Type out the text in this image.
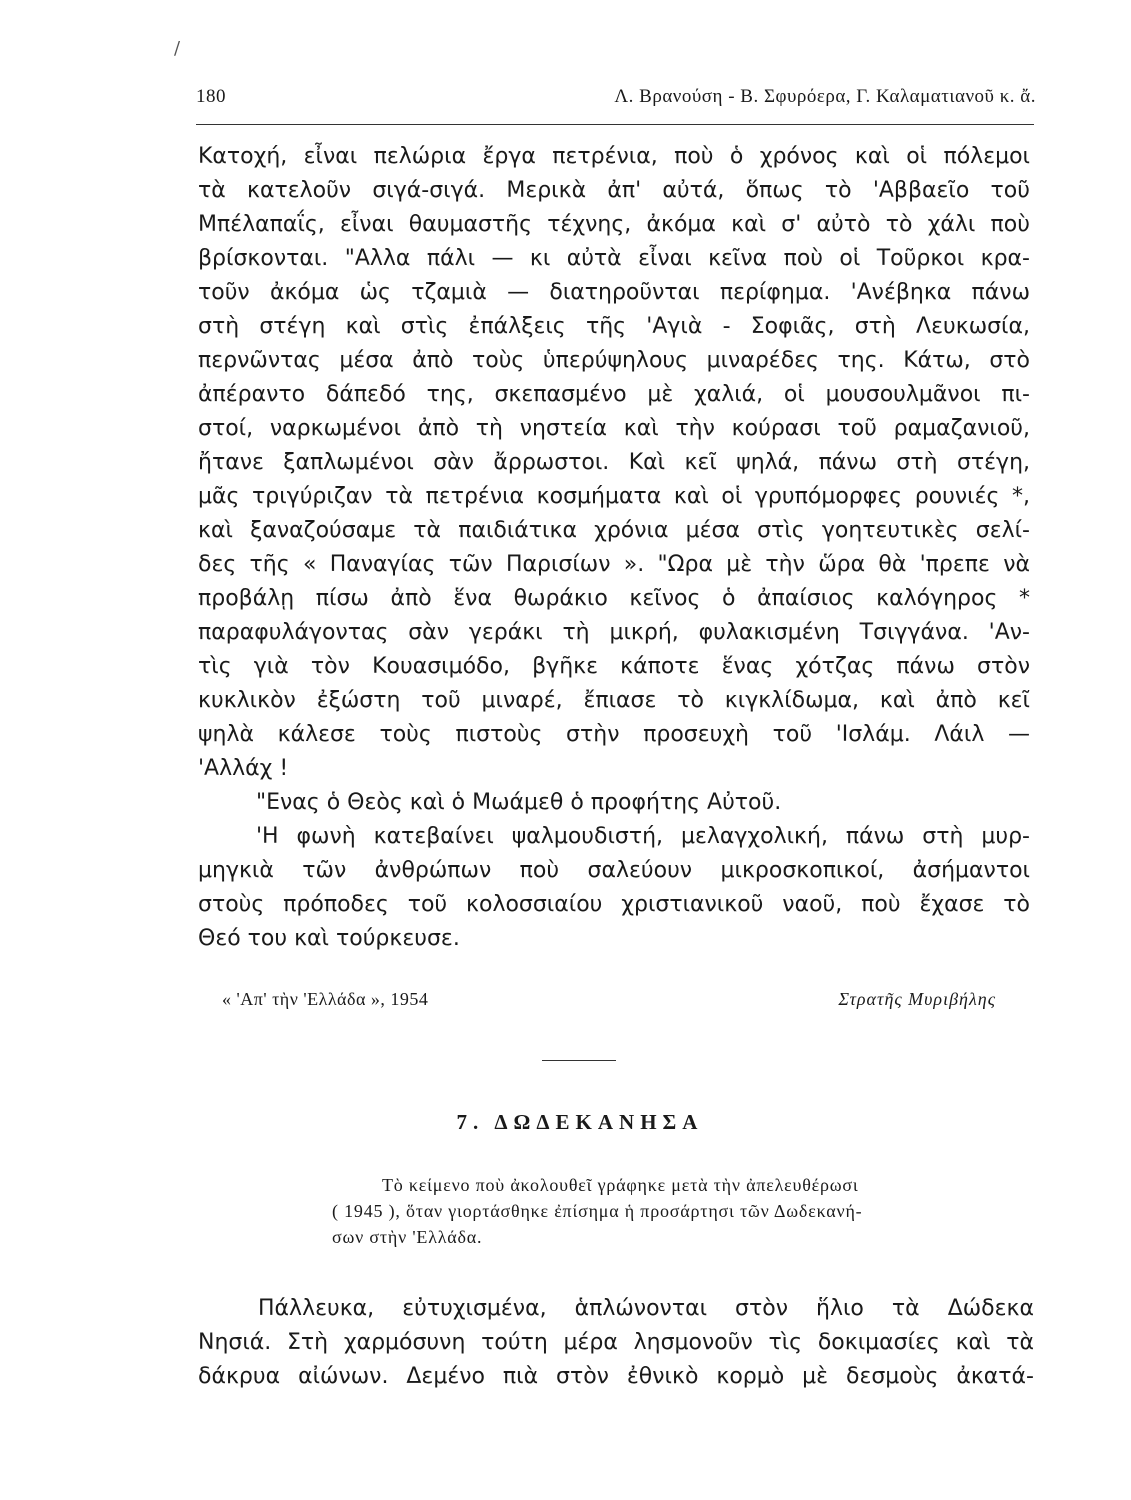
/
180	Λ. Βρανούση - Β. Σφυρόερα, Γ. Καλαματιανοῦ κ. ἄ.
Κατοχή, εἶναι πελώρια ἔργα πετρένια, ποὺ ὁ χρόνος καὶ οἱ πόλεμοι
τὰ κατελοῦν σιγά-σιγά. Μερικὰ ἀπ' αὐτά, ὅπως τὸ 'Αββαεῖο τοῦ
Μπέλαπαΐς, εἶναι θαυμαστῆς τέχνης, ἀκόμα καὶ σ' αὐτὸ τὸ χάλι ποὺ
βρίσκονται. "Αλλα πάλι — κι αὐτὰ εἶναι κεῖνα ποὺ οἱ Τοῦρκοι κρα-
τοῦν ἀκόμα ὡς τζαμιὰ — διατηροῦνται περίφημα. 'Ανέβηκα πάνω
στὴ στέγη καὶ στὶς ἐπάλξεις τῆς 'Αγιὰ - Σοφιᾶς, στὴ Λευκωσία,
περνῶντας μέσα ἀπὸ τοὺς ὑπερύψηλους μιναρέδες της. Κάτω, στὸ
ἀπέραντο δάπεδό της, σκεπασμένο μὲ χαλιά, οἱ μουσουλμᾶνοι πι-
στοί, ναρκωμένοι ἀπὸ τὴ νηστεία καὶ τὴν κούρασι τοῦ ραμαζανιοῦ,
ἤτανε ξαπλωμένοι σὰν ἄρρωστοι. Καὶ κεῖ ψηλά, πάνω στὴ στέγη,
μᾶς τριγύριζαν τὰ πετρένια κοσμήματα καὶ οἱ γρυπόμορφες ρουνιές *,
καὶ ξαναζούσαμε τὰ παιδιάτικα χρόνια μέσα στὶς γοητευτικὲς σελί-
δες τῆς « Παναγίας τῶν Παρισίων ». "Ωρα μὲ τὴν ὥρα θὰ 'πρεπε νὰ
προβάλῃ πίσω ἀπὸ ἕνα θωράκιο κεῖνος ὁ ἀπαίσιος καλόγηρος *
παραφυλάγοντας σὰν γεράκι τὴ μικρή, φυλακισμένη Τσιγγάνα. 'Αν-
τὶς γιὰ τὸν Κουασιμόδο, βγῆκε κάποτε ἕνας χότζας πάνω στὸν
κυκλικὸν ἐξώστη τοῦ μιναρέ, ἔπιασε τὸ κιγκλίδωμα, καὶ ἀπὸ κεῖ
ψηλὰ κάλεσε τοὺς πιστοὺς στὴν προσευχὴ τοῦ 'Ισλάμ. Λάιλ —
'Αλλάχ !
"Ενας ὁ Θεὸς καὶ ὁ Μωάμεθ ὁ προφήτης Αὐτοῦ.
'Η φωνὴ κατεβαίνει ψαλμουδιστή, μελαγχολική, πάνω στὴ μυρ-
μηγκιὰ τῶν ἀνθρώπων ποὺ σαλεύουν μικροσκοπικοί, ἀσήμαντοι
στοὺς πρόποδες τοῦ κολοσσιαίου χριστιανικοῦ ναοῦ, ποὺ ἔχασε τὸ
Θεό του καὶ τούρκευσε.
« 'Απ' τὴν 'Ελλάδα », 1954	Στρατῆς Μυριβήλης
7. ΔΩΔΕΚΑΝΗΣΑ
Τὸ κείμενο ποὺ ἀκολουθεῖ γράφηκε μετὰ τὴν ἀπελευθέρωσι
( 1945 ), ὅταν γιορτάσθηκε ἐπίσημα ἡ προσάρτησι τῶν Δωδεκανή-
σων στὴν 'Ελλάδα.
Πάλλευκα, εὐτυχισμένα, ἁπλώνονται στὸν ἥλιο τὰ Δώδεκα
Νησιά. Στὴ χαρμόσυνη τούτη μέρα λησμονοῦν τὶς δοκιμασίες καὶ τὰ
δάκρυα αἰώνων. Δεμένο πιὰ στὸν ἐθνικὸ κορμὸ μὲ δεσμοὺς ἀκατά-
